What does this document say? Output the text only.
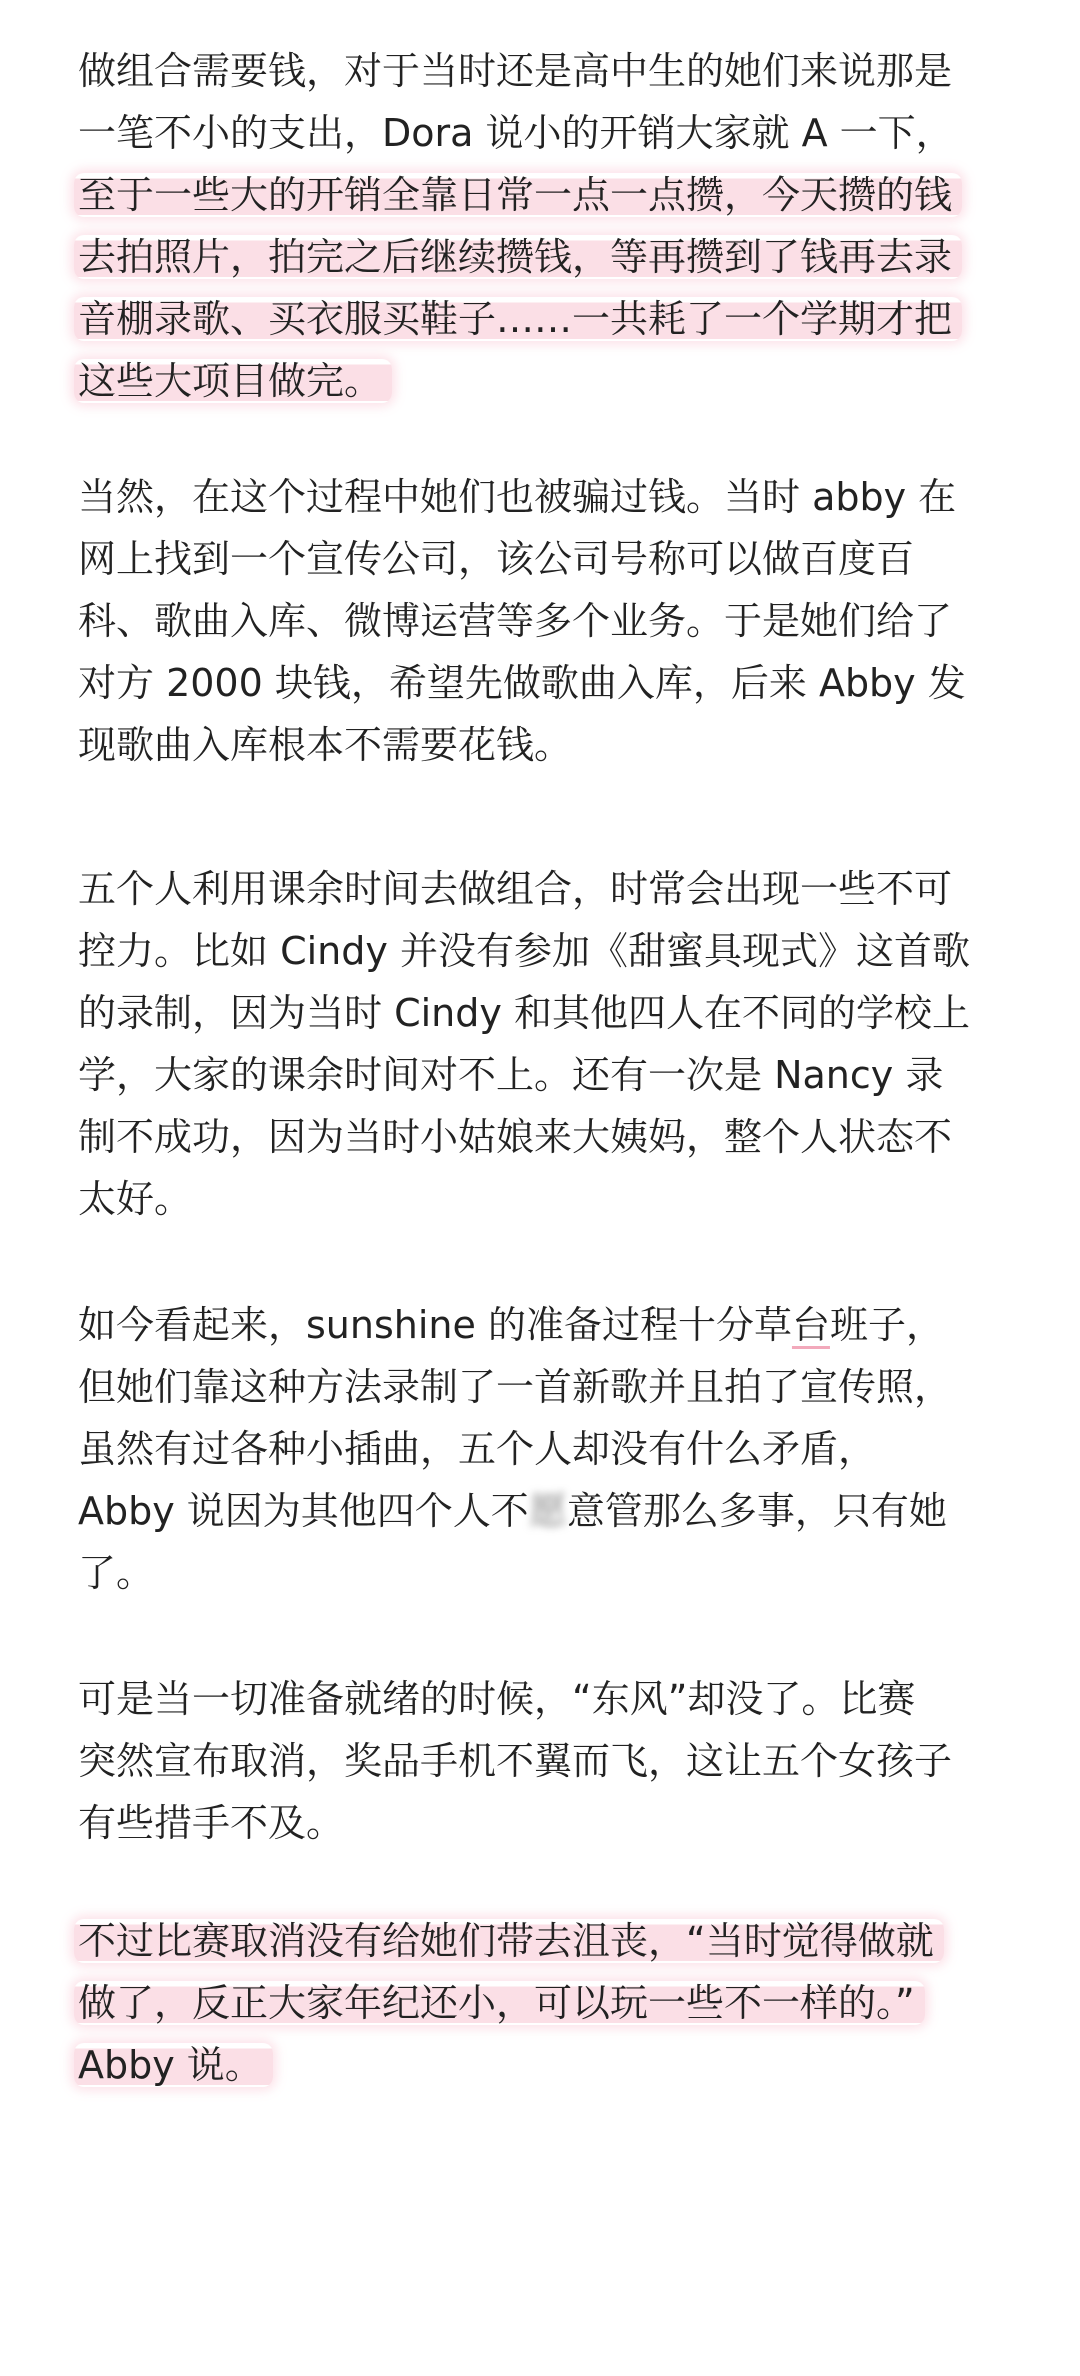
做组合需要钱，对于当时还是高中生的她们来说那是
一笔不小的支出，Dora 说小的开销大家就 A 一下，
至于一些大的开销全靠日常一点一点攒，今天攒的钱
去拍照片，拍完之后继续攒钱，等再攒到了钱再去录
音棚录歌、买衣服买鞋子……一共耗了一个学期才把
这些大项目做完。

当然，在这个过程中她们也被骗过钱。当时 abby 在
网上找到一个宣传公司，该公司号称可以做百度百
科、歌曲入库、微博运营等多个业务。于是她们给了
对方 2000 块钱，希望先做歌曲入库，后来 Abby 发
现歌曲入库根本不需要花钱。

五个人利用课余时间去做组合，时常会出现一些不可
控力。比如 Cindy 并没有参加《甜蜜具现式》这首歌
的录制，因为当时 Cindy 和其他四人在不同的学校上
学，大家的课余时间对不上。还有一次是 Nancy 录
制不成功，因为当时小姑娘来大姨妈，整个人状态不
太好。

如今看起来，sunshine 的准备过程十分草台班子，
但她们靠这种方法录制了一首新歌并且拍了宣传照，
虽然有过各种小插曲，五个人却没有什么矛盾，
Abby 说因为其他四个人不愿意管那么多事，只有她
了。

可是当一切准备就绪的时候，“东风”却没了。比赛
突然宣布取消，奖品手机不翼而飞，这让五个女孩子
有些措手不及。

不过比赛取消没有给她们带去沮丧，“当时觉得做就
做了，反正大家年纪还小，可以玩一些不一样的。”
Abby 说。
